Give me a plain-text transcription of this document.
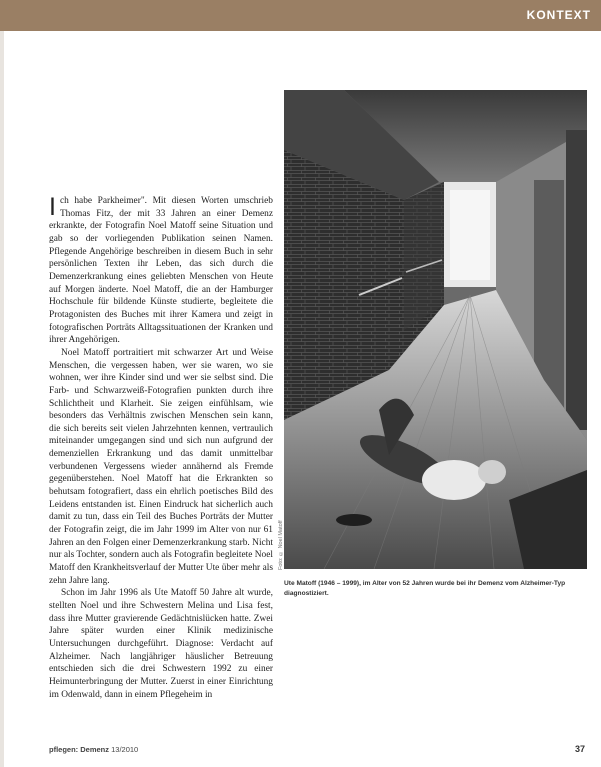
KONTEXT

Ich habe Parkheimer". Mit diesen Worten umschrieb Thomas Fitz, der mit 33 Jahren an einer Demenz erkrankte, der Fotografin Noel Matoff seine Situation und gab so der vorliegenden Publikation seinen Namen. Pflegende Angehörige beschreiben in diesem Buch in sehr persönlichen Texten ihr Leben, das sich durch die Demenzerkrankung eines geliebten Menschen von Heute auf Morgen änderte. Noel Matoff, die an der Hamburger Hochschule für bildende Künste studierte, begleitete die Protagonisten des Buches mit ihrer Kamera und zeigt in fotografischen Porträts Alltagssituationen der Kranken und ihrer Angehörigen.

Noel Matoff portraitiert mit schwarzer Art und Weise Menschen, die vergessen haben, wer sie waren, wo sie wohnen, wer ihre Kinder sind und wer sie selbst sind. Die Farb- und Schwarzweiß-Fotografien punkten durch ihre Schlichtheit und Klarheit. Sie zeigen einfühlsam, wie besonders das Verhältnis zwischen Menschen sein kann, die sich bereits seit vielen Jahrzehnten kennen, vertraulich miteinander umgegangen sind und sich nun aufgrund der demenziellen Erkrankung und das damit unmittelbar verbundenen Vergessens wieder annähernd als Fremde gegenüberstehen. Noel Matoff hat die Erkrankten so behutsam fotografiert, dass ein ehrlich poetisches Bild des Leidens entstanden ist. Einen Eindruck hat sicherlich auch damit zu tun, dass ein Teil des Buches Porträts der Mutter der Fotografin zeigt, die im Jahr 1999 im Alter von nur 61 Jahren an den Folgen einer Demenzerkrankung starb. Nicht nur als Tochter, sondern auch als Fotografin begleitete Noel Matoff den Krankheitsverlauf der Mutter Ute über mehr als zehn Jahre lang.

Schon im Jahr 1996 als Ute Matoff 50 Jahre alt wurde, stellten Noel und ihre Schwestern Melina und Lisa fest, dass ihre Mutter gravierende Gedächtnislücken hatte. Zwei Jahre später wurden einer Klinik medizinische Untersuchungen durchgeführt. Diagnose: Verdacht auf Alzheimer. Nach langjähriger häuslicher Betreuung entschieden sich die drei Schwestern 1992 zu einer Heimunterbringung der Mutter. Zuerst in einer Einrichtung im Odenwald, dann in einem Pflegeheim in

Foto: © Noel Matoff
Ute Matoff (1946 – 1999), im Alter von 52 Jahren wurde bei ihr Demenz vom Alzheimer-Typ diagnostiziert.
pflegen: Demenz 13/2010	37
